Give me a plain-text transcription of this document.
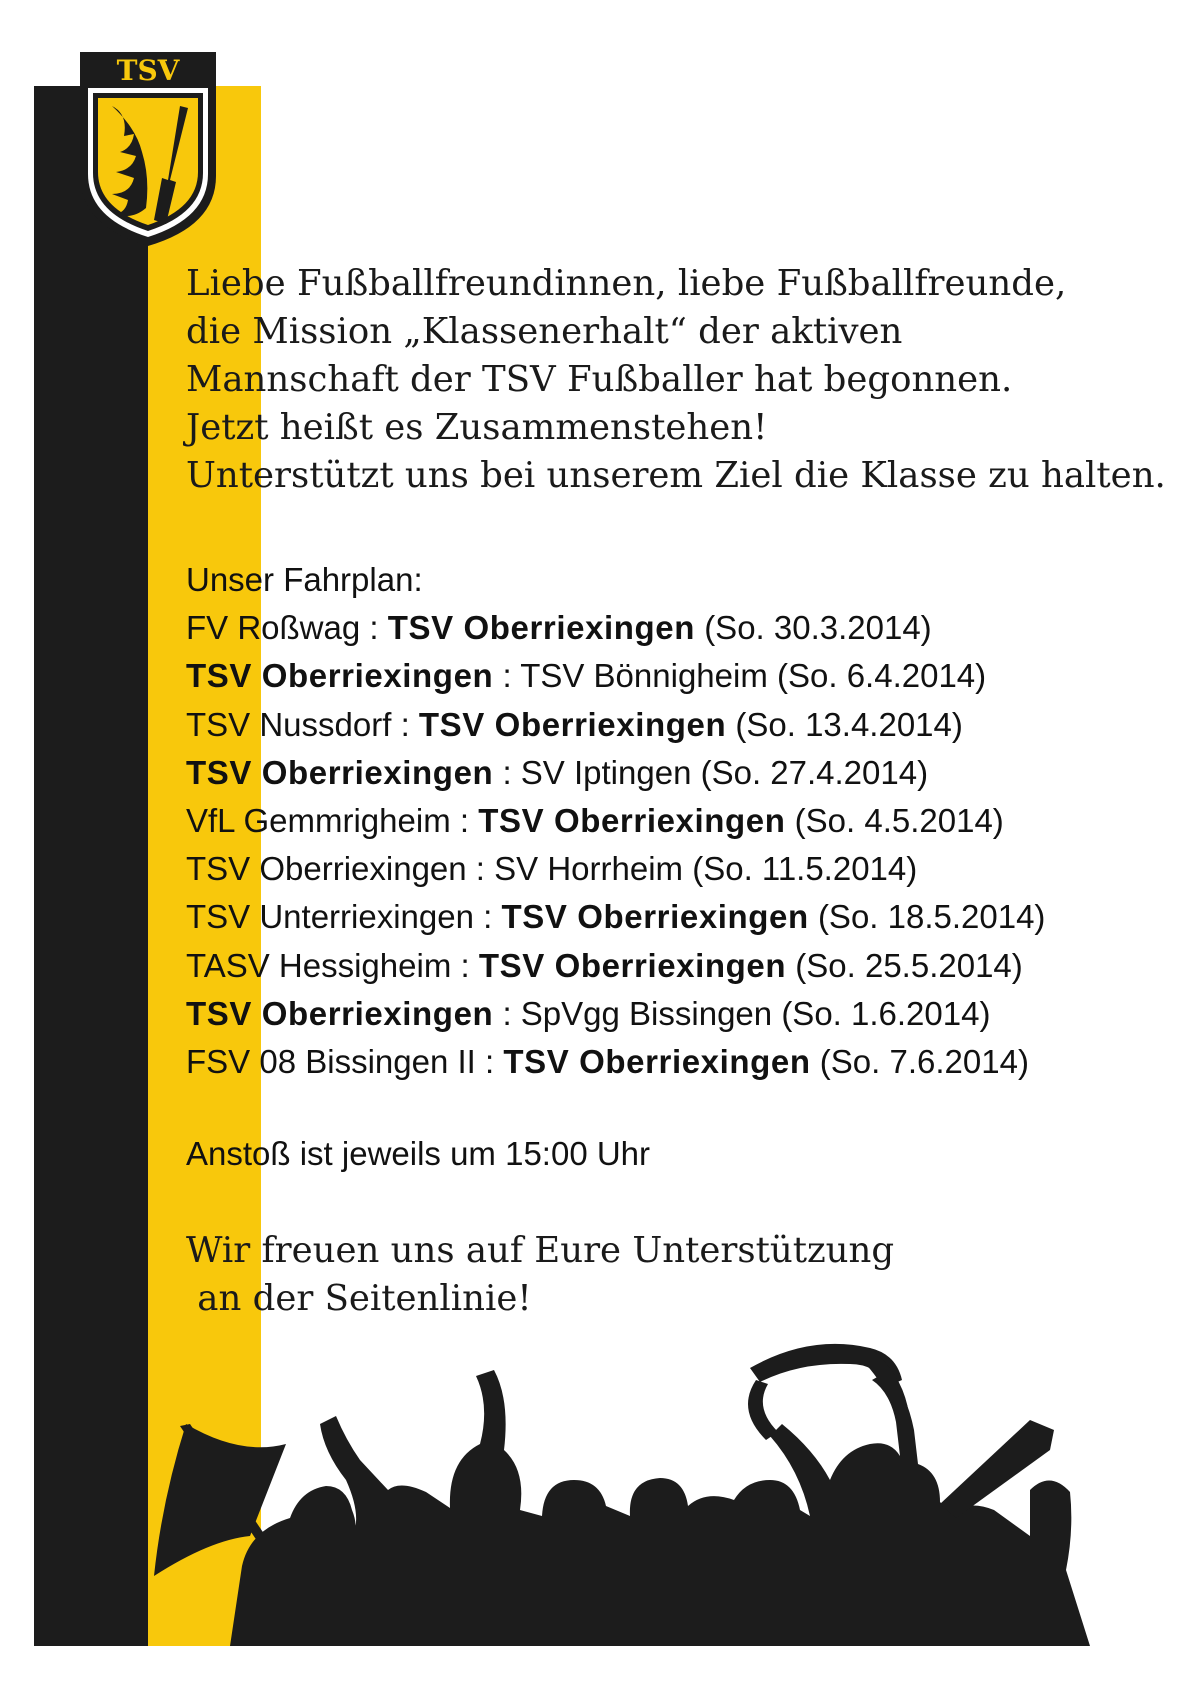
TSV
Liebe Fußballfreundinnen, liebe Fußballfreunde,
die Mission „Klassenerhalt“ der aktiven
Mannschaft der TSV Fußballer hat begonnen.
Jetzt heißt es Zusammenstehen!
Unterstützt uns bei unserem Ziel die Klasse zu halten.
Unser Fahrplan:
FV Roßwag : TSV Oberriexingen (So. 30.3.2014)
TSV Oberriexingen : TSV Bönnigheim (So. 6.4.2014)
TSV Nussdorf : TSV Oberriexingen (So. 13.4.2014)
TSV Oberriexingen : SV Iptingen (So. 27.4.2014)
VfL Gemmrigheim : TSV Oberriexingen (So. 4.5.2014)
TSV Oberriexingen : SV Horrheim (So. 11.5.2014)
TSV Unterriexingen : TSV Oberriexingen (So. 18.5.2014)
TASV Hessigheim : TSV Oberriexingen (So. 25.5.2014)
TSV Oberriexingen : SpVgg Bissingen (So. 1.6.2014)
FSV 08 Bissingen II : TSV Oberriexingen (So. 7.6.2014)
Anstoß ist jeweils um 15:00 Uhr
Wir freuen uns auf Eure Unterstützung
an der Seitenlinie!
